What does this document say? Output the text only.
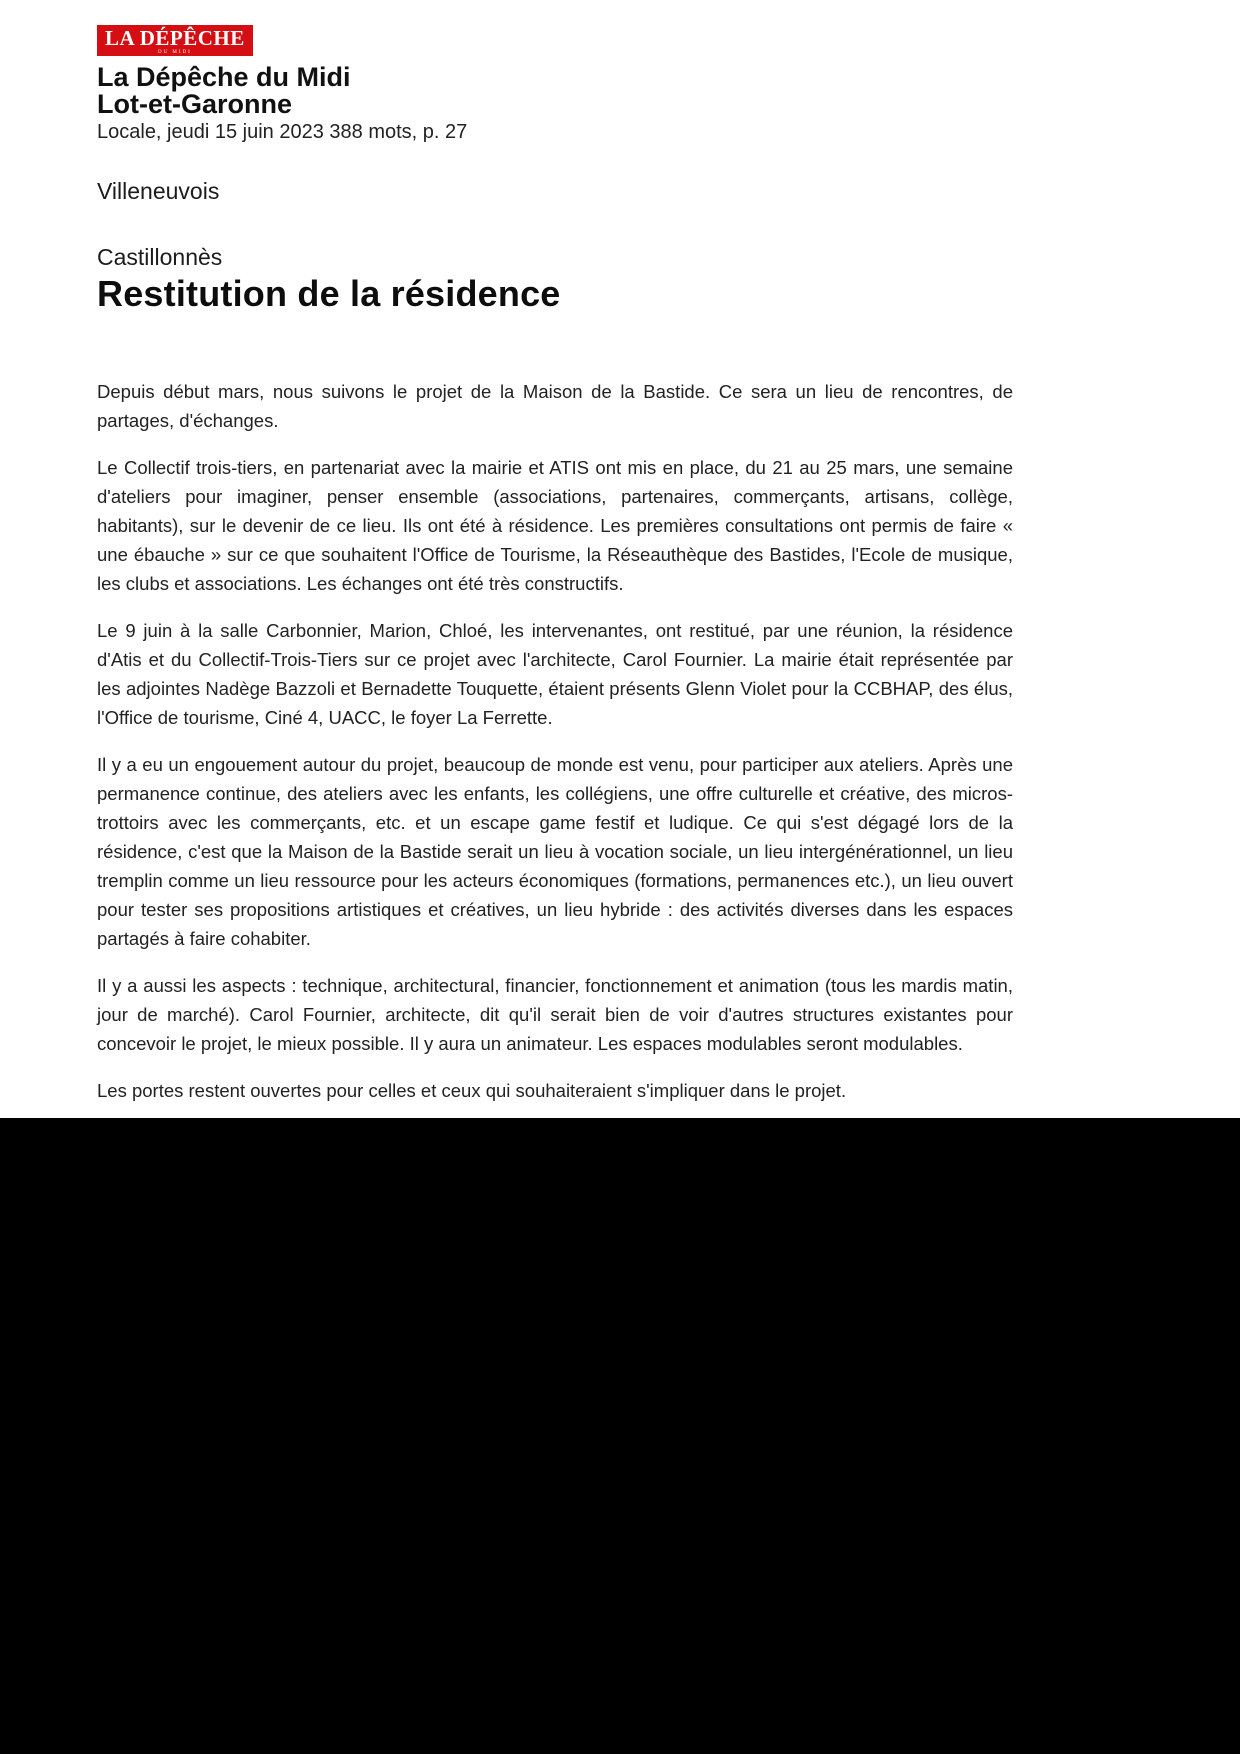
LA DÉPÊCHE
DU MIDI
La Dépêche du Midi
Lot-et-Garonne
Locale, jeudi 15 juin 2023 388 mots, p. 27
Villeneuvois
Castillonnès
Restitution de la résidence

Depuis début mars, nous suivons le projet de la Maison de la Bastide. Ce sera un lieu de rencontres, de partages, d'échanges.

Le Collectif trois-tiers, en partenariat avec la mairie et ATIS ont mis en place, du 21 au 25 mars, une semaine d'ateliers pour imaginer, penser ensemble (associations, partenaires, commerçants, artisans, collège, habitants), sur le devenir de ce lieu. Ils ont été à résidence. Les premières consultations ont permis de faire « une ébauche » sur ce que souhaitent l'Office de Tourisme, la Réseauthèque des Bastides, l'Ecole de musique, les clubs et associations. Les échanges ont été très constructifs.

Le 9 juin à la salle Carbonnier, Marion, Chloé, les intervenantes, ont restitué, par une réunion, la résidence d'Atis et du Collectif-Trois-Tiers sur ce projet avec l'architecte, Carol Fournier. La mairie était représentée par les adjointes Nadège Bazzoli et Bernadette Touquette, étaient présents Glenn Violet pour la CCBHAP, des élus, l'Office de tourisme, Ciné 4, UACC, le foyer La Ferrette.

Il y a eu un engouement autour du projet, beaucoup de monde est venu, pour participer aux ateliers. Après une permanence continue, des ateliers avec les enfants, les collégiens, une offre culturelle et créative, des micros-trottoirs avec les commerçants, etc. et un escape game festif et ludique. Ce qui s'est dégagé lors de la résidence, c'est que la Maison de la Bastide serait un lieu à vocation sociale, un lieu intergénérationnel, un lieu tremplin comme un lieu ressource pour les acteurs économiques (formations, permanences etc.), un lieu ouvert pour tester ses propositions artistiques et créatives, un lieu hybride : des activités diverses dans les espaces partagés à faire cohabiter.

Il y a aussi les aspects : technique, architectural, financier, fonctionnement et animation (tous les mardis matin, jour de marché). Carol Fournier, architecte, dit qu'il serait bien de voir d'autres structures existantes pour concevoir le projet, le mieux possible. Il y aura un animateur. Les espaces modulables seront modulables.

Les portes restent ouvertes pour celles et ceux qui souhaiteraient s'impliquer dans le projet.
